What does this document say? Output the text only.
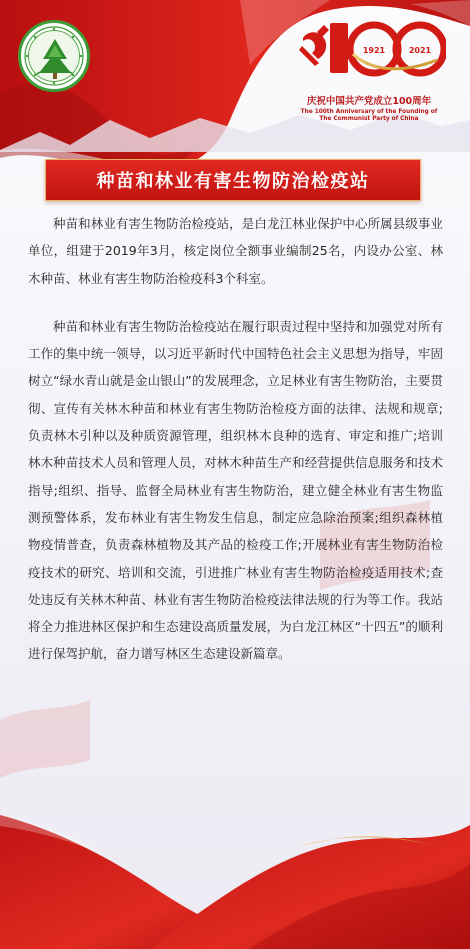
1921	2021
庆祝中国共产党成立100周年
The 100th Anniversary of the Founding of
The Communist Party of China
种苗和林业有害生物防治检疫站

种苗和林业有害生物防治检疫站，是白龙江林业保护中心所属县级事业单位，组建于2019年3月，核定岗位全额事业编制25名，内设办公室、林木种苗、林业有害生物防治检疫科3个科室。

种苗和林业有害生物防治检疫站在履行职责过程中坚持和加强党对所有工作的集中统一领导，以习近平新时代中国特色社会主义思想为指导，牢固树立“绿水青山就是金山银山”的发展理念，立足林业有害生物防治，主要贯彻、宣传有关林木种苗和林业有害生物防治检疫方面的法律、法规和规章;负责林木引种以及种质资源管理，组织林木良种的选育、审定和推广;培训林木种苗技术人员和管理人员，对林木种苗生产和经营提供信息服务和技术指导;组织、指导、监督全局林业有害生物防治，建立健全林业有害生物监测预警体系，发布林业有害生物发生信息，制定应急除治预案;组织森林植物疫情普查，负责森林植物及其产品的检疫工作;开展林业有害生物防治检疫技术的研究、培训和交流，引进推广林业有害生物防治检疫适用技术;查处违反有关林木种苗、林业有害生物防治检疫法律法规的行为等工作。我站将全力推进林区保护和生态建设高质量发展，为白龙江林区“十四五”的顺利进行保驾护航，奋力谱写林区生态建设新篇章。
